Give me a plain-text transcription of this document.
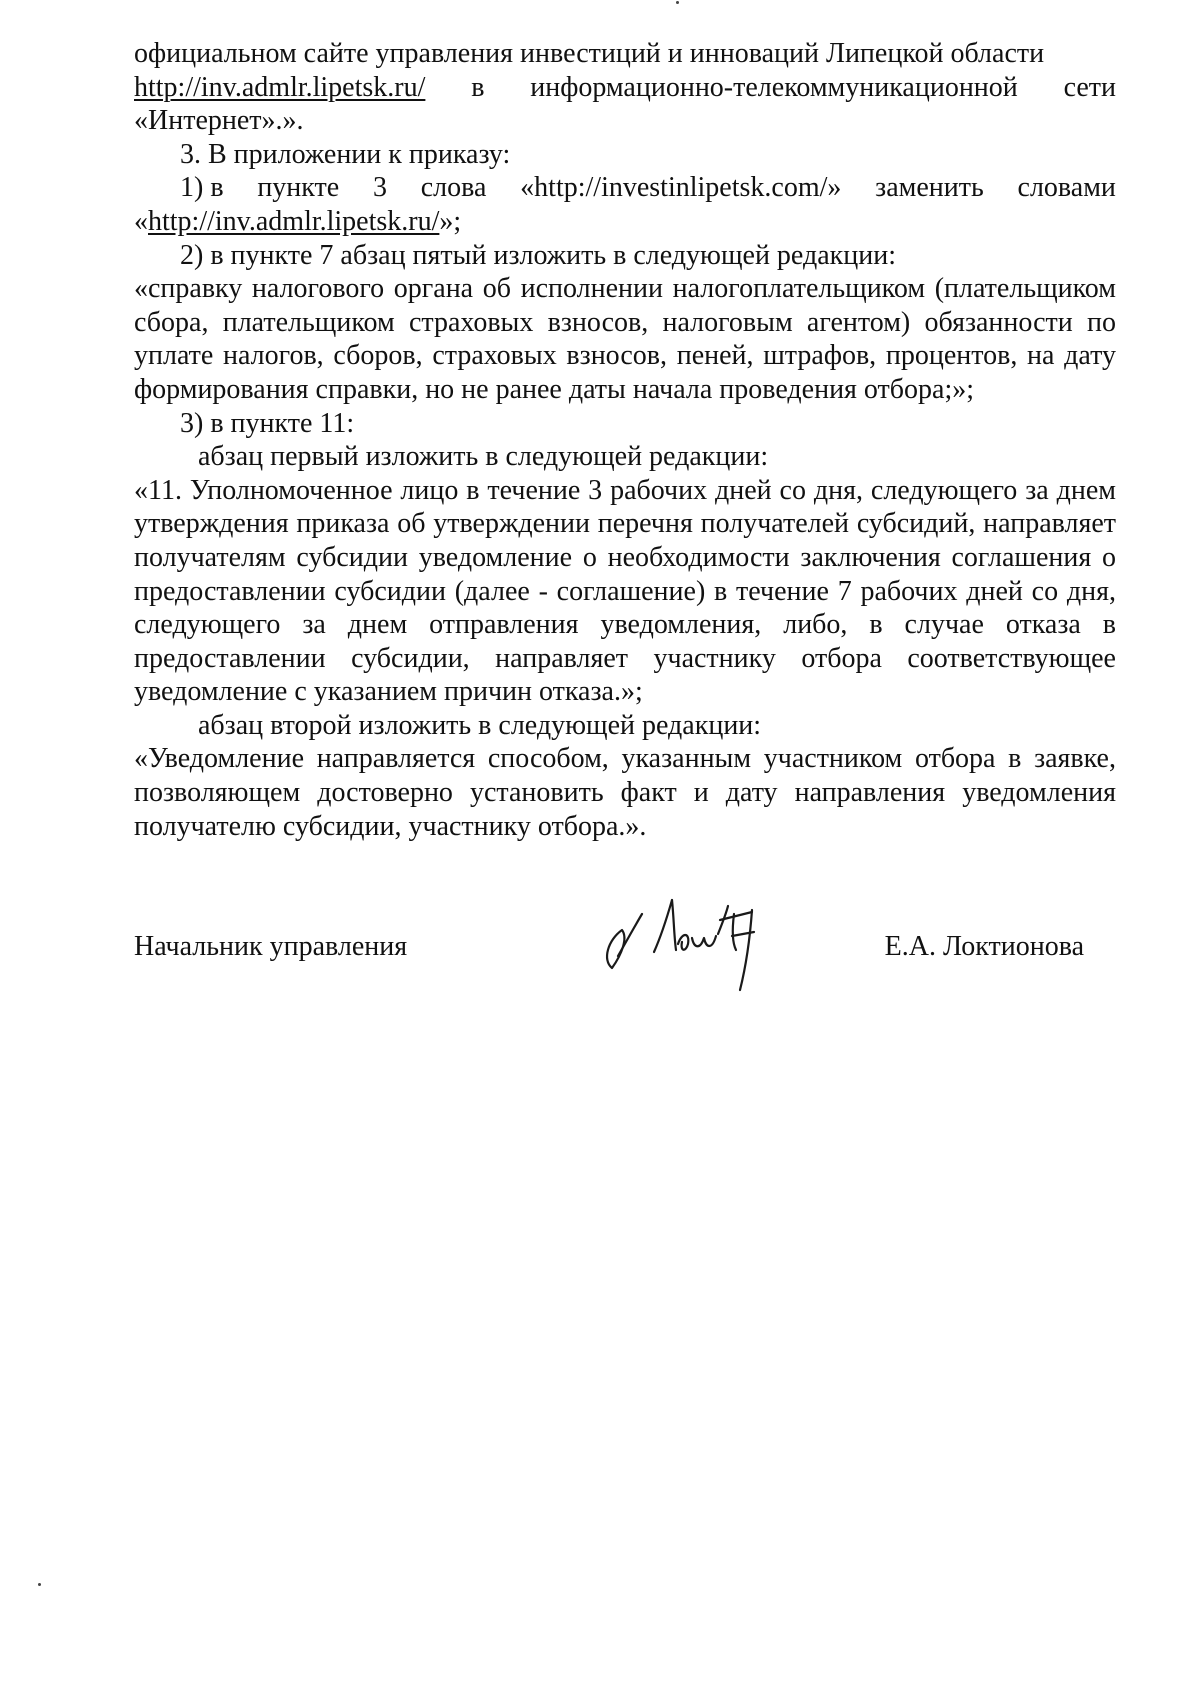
официальном сайте управления инвестиций и инноваций Липецкой области

http://inv.admlr.lipetsk.ru/ в информационно-телекоммуникационной сети

«Интернет».».

3. В приложении к приказу:

1) в пункте 3 слова «http://investinlipetsk.com/» заменить словами
«http://inv.admlr.lipetsk.ru/»;

2) в пункте 7 абзац пятый изложить в следующей редакции:

«справку налогового органа об исполнении налогоплательщиком (плательщиком сбора, плательщиком страховых взносов, налоговым агентом) обязанности по уплате налогов, сборов, страховых взносов, пеней, штрафов, процентов, на дату формирования справки, но не ранее даты начала проведения отбора;»;

3) в пункте 11:

абзац первый изложить в следующей редакции:

«11. Уполномоченное лицо в течение 3 рабочих дней со дня, следующего за днем утверждения приказа об утверждении перечня получателей субсидий, направляет получателям субсидии уведомление о необходимости заключения соглашения о предоставлении субсидии (далее - соглашение) в течение 7 рабочих дней со дня, следующего за днем отправления уведомления, либо, в случае отказа в предоставлении субсидии, направляет участнику отбора соответствующее уведомление с указанием причин отказа.»;

абзац второй изложить в следующей редакции:

«Уведомление направляется способом, указанным участником отбора в заявке, позволяющем достоверно установить факт и дату направления уведомления получателю субсидии, участнику отбора.».

Начальник управления	Е.А. Локтионова
